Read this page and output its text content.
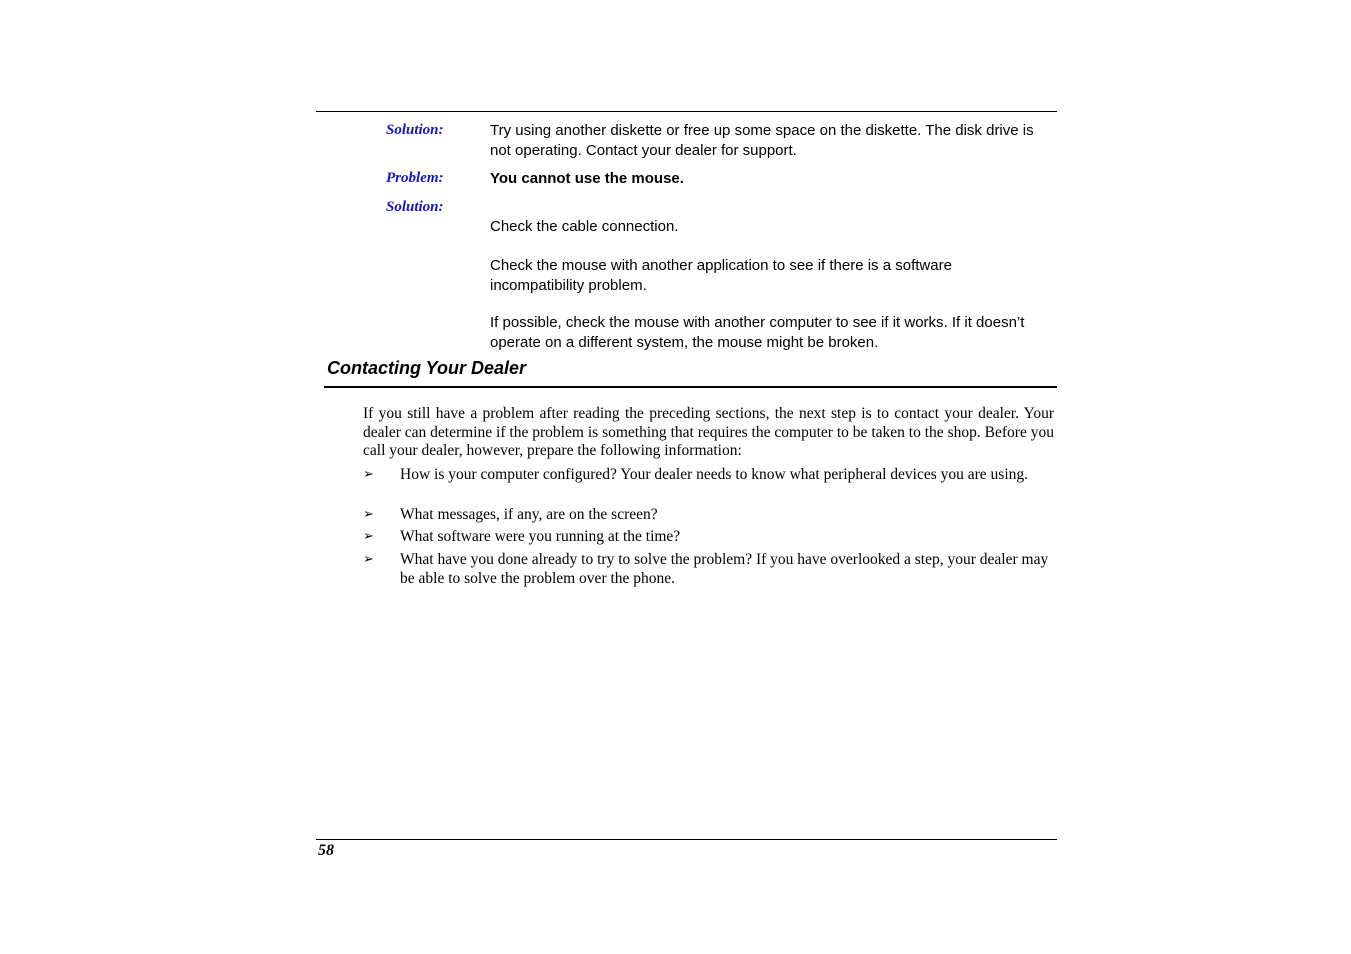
Solution:	Try using another diskette or free up some space on the diskette. The disk drive is not operating. Contact your dealer for support.
Problem:	You cannot use the mouse.
Solution:
Check the cable connection.
Check the mouse with another application to see if there is a software incompatibility problem.
If possible, check the mouse with another computer to see if it works. If it doesn’t operate on a different system, the mouse might be broken.
Contacting Your Dealer
If you still have a problem after reading the preceding sections, the next step is to contact your dealer. Your dealer can determine if the problem is something that requires the computer to be taken to the shop. Before you call your dealer, however, prepare the following information:
➢ How is your computer configured? Your dealer needs to know what peripheral devices you are using.
➢ What messages, if any, are on the screen?
➢ What software were you running at the time?
➢ What have you done already to try to solve the problem? If you have overlooked a step, your dealer may be able to solve the problem over the phone.
58
